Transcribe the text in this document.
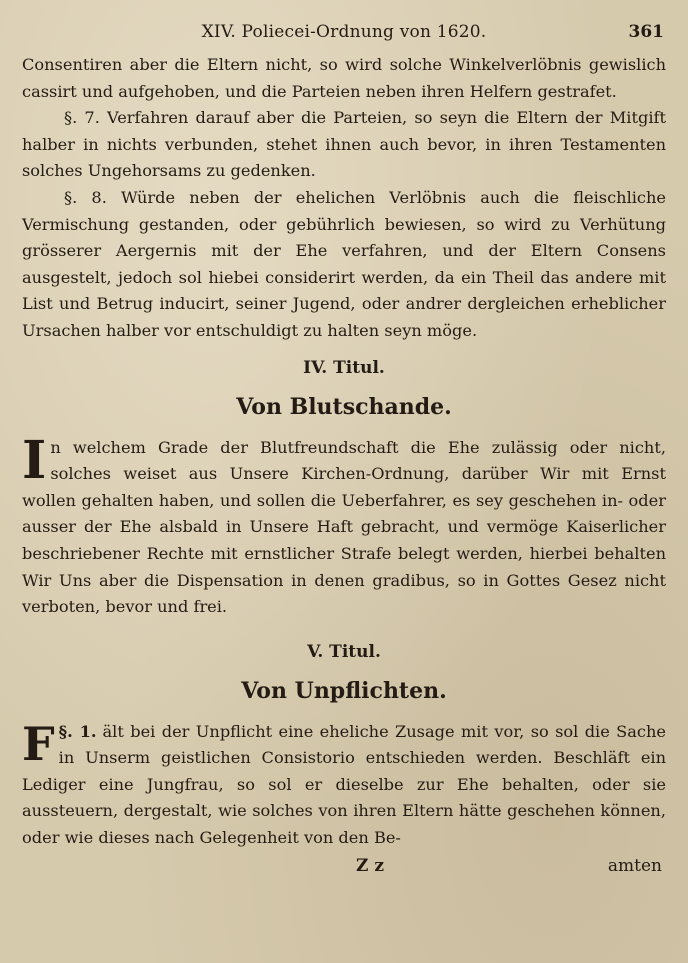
XIV. Poliecei-Ordnung von 1620.	361

Consentiren aber die Eltern nicht, so wird solche Winkelverlöbnis gewislich cassirt und aufgehoben, und die Parteien neben ihren Helfern gestrafet.

§. 7. Verfahren darauf aber die Parteien, so seyn die Eltern der Mitgift halber in nichts verbunden, stehet ihnen auch bevor, in ihren Testamenten solches Ungehorsams zu gedenken.

§. 8. Würde neben der ehelichen Verlöbnis auch die fleischliche Vermischung gestanden, oder gebührlich bewiesen, so wird zu Verhütung grösserer Aergernis mit der Ehe verfahren, und der Eltern Consens ausgestelt, jedoch sol hiebei considerirt werden, da ein Theil das andere mit List und Betrug inducirt, seiner Jugend, oder andrer dergleichen erheblicher Ursachen halber vor entschuldigt zu halten seyn möge.

IV. Titul.
Von Blutschande.

In welchem Grade der Blutfreundschaft die Ehe zulässig oder nicht, solches weiset aus Unsere Kirchen-Ordnung, darüber Wir mit Ernst wollen gehalten haben, und sollen die Ueberfahrer, es sey geschehen in- oder ausser der Ehe alsbald in Unsere Haft gebracht, und vermöge Kaiserlicher beschriebener Rechte mit ernstlicher Strafe belegt werden, hierbei behalten Wir Uns aber die Dispensation in denen gradibus, so in Gottes Gesez nicht verboten, bevor und frei.

V. Titul.
Von Unpflichten.

§. 1.
F	ält bei der Unpflicht eine eheliche Zusage mit vor, so sol die Sache in Unserm geistlichen Consistorio entschieden werden. Beschläft ein Lediger eine Jungfrau, so sol er dieselbe zur Ehe behalten, oder sie aussteuern, dergestalt, wie solches von ihren Eltern hätte geschehen können, oder wie dieses nach Gelegenheit von den Be-

Z z	amten
